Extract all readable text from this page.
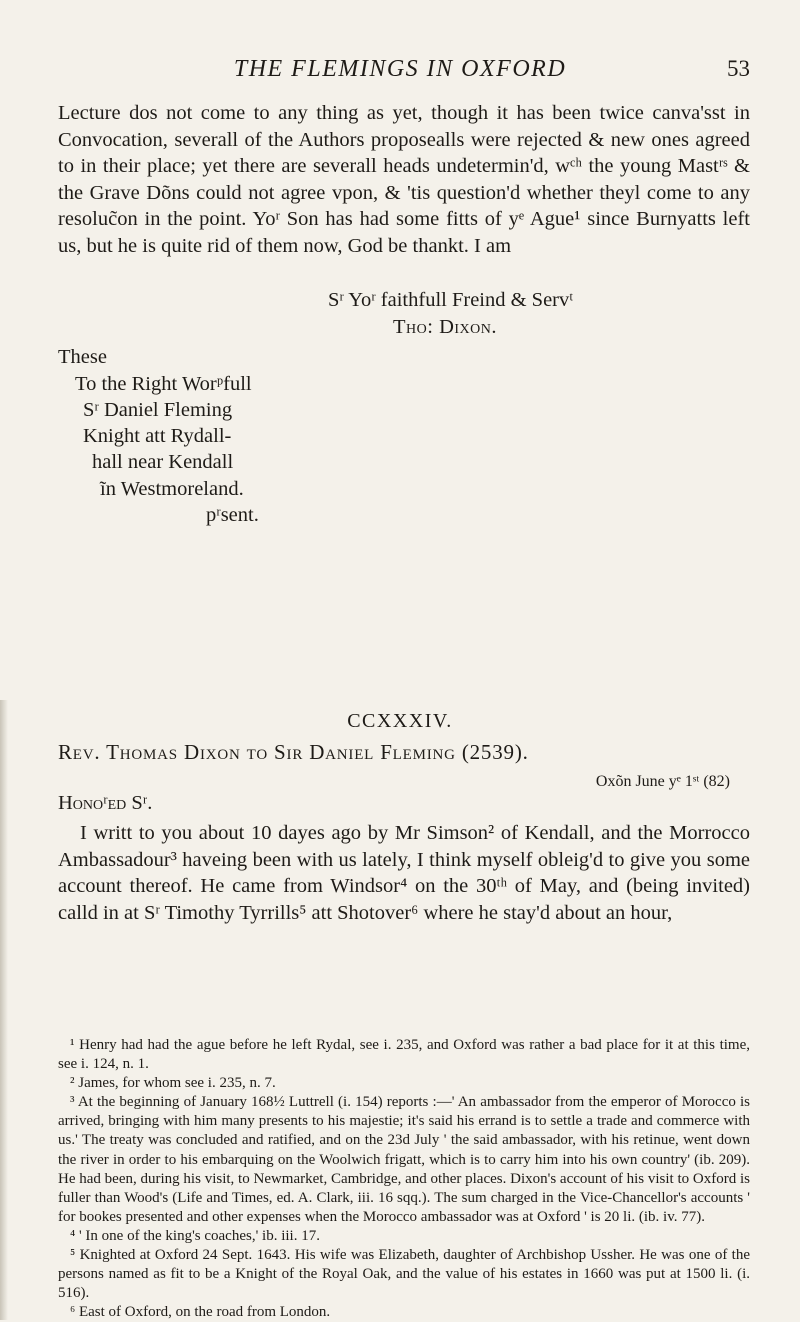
THE FLEMINGS IN OXFORD	53

Lecture dos not come to any thing as yet, though it has been twice canva'sst in Convocation, severall of the Authors proposealls were rejected & new ones agreed to in their place; yet there are severall heads undetermin'd, wᶜʰ the young Mastʳˢ & the Grave Dõns could not agree vpon, & 'tis question'd whether theyl come to any resoluc̃on in the point. Yoʳ Son has had some fitts of yᵉ Ague¹ since Burnyatts left us, but he is quite rid of them now, God be thankt. I am

Sʳ Yoʳ faithfull Freind & Servᵗ
Tho: Dixon.
These
To the Right Worᵖfull
Sʳ Daniel Fleming
Knight att Rydall-
hall near Kendall
ĩn Westmoreland.
pʳsent.
CCXXXIV.
Rev. Thomas Dixon to Sir Daniel Fleming (2539).
Oxõn June yᵉ 1ˢᵗ (82)
Honoʳed Sʳ.

I writt to you about 10 dayes ago by Mr Simson² of Kendall, and the Morrocco Ambassadour³ haveing been with us lately, I think myself obleig'd to give you some account thereof. He came from Windsor⁴ on the 30ᵗʰ of May, and (being invited) calld in at Sʳ Timothy Tyrrills⁵ att Shotover⁶ where he stay'd about an hour,

¹ Henry had had the ague before he left Rydal, see i. 235, and Oxford was rather a bad place for it at this time, see i. 124, n. 1.

² James, for whom see i. 235, n. 7.

³ At the beginning of January 168½ Luttrell (i. 154) reports :—' An ambassador from the emperor of Morocco is arrived, bringing with him many presents to his majestie; it's said his errand is to settle a trade and commerce with us.' The treaty was concluded and ratified, and on the 23d July ' the said ambassador, with his retinue, went down the river in order to his embarquing on the Woolwich frigatt, which is to carry him into his own country' (ib. 209). He had been, during his visit, to Newmarket, Cambridge, and other places. Dixon's account of his visit to Oxford is fuller than Wood's (Life and Times, ed. A. Clark, iii. 16 sqq.). The sum charged in the Vice-Chancellor's accounts ' for bookes presented and other expenses when the Morocco ambassador was at Oxford ' is 20 li. (ib. iv. 77).

⁴ ' In one of the king's coaches,' ib. iii. 17.

⁵ Knighted at Oxford 24 Sept. 1643. His wife was Elizabeth, daughter of Archbishop Ussher. He was one of the persons named as fit to be a Knight of the Royal Oak, and the value of his estates in 1660 was put at 1500 li. (i. 516).

⁶ East of Oxford, on the road from London.
